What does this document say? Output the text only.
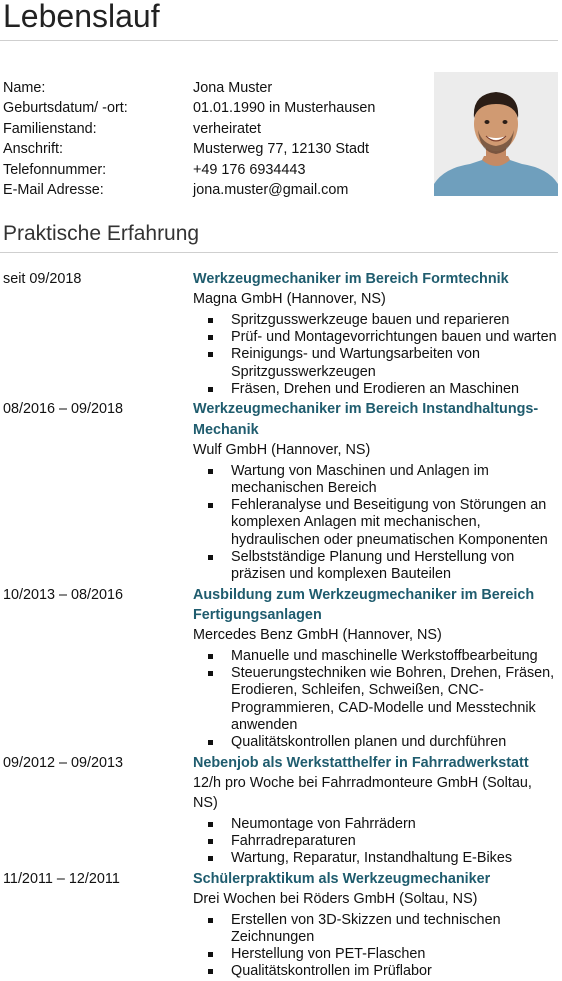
Lebenslauf
Name:	Jona Muster
Geburtsdatum/ -ort:	01.01.1990 in Musterhausen
Familienstand:	verheiratet
Anschrift:	Musterweg 77, 12130 Stadt
Telefonnummer:	+49 176 6934443
E-Mail Adresse:	jona.muster@gmail.com
Praktische Erfahrung
seit 09/2018	Werkzeugmechaniker im Bereich Formtechnik
Magna GmbH (Hannover, NS)
Spritzgusswerkzeuge bauen und reparieren
Prüf- und Montagevorrichtungen bauen und warten
Reinigungs- und Wartungsarbeiten von Spritzgusswerkzeugen
Fräsen, Drehen und Erodieren an Maschinen
08/2016 – 09/2018	Werkzeugmechaniker im Bereich Instandhaltungs-Mechanik
Wulf GmbH (Hannover, NS)
Wartung von Maschinen und Anlagen im mechanischen Bereich
Fehleranalyse und Beseitigung von Störungen an komplexen Anlagen mit mechanischen, hydraulischen oder pneumatischen Komponenten
Selbstständige Planung und Herstellung von präzisen und komplexen Bauteilen
10/2013 – 08/2016	Ausbildung zum Werkzeugmechaniker im Bereich Fertigungsanlagen
Mercedes Benz GmbH (Hannover, NS)
Manuelle und maschinelle Werkstoffbearbeitung
Steuerungstechniken wie Bohren, Drehen, Fräsen, Erodieren, Schleifen, Schweißen, CNC-Programmieren, CAD-Modelle und Messtechnik anwenden
Qualitätskontrollen planen und durchführen
09/2012 – 09/2013	Nebenjob als Werkstatthelfer in Fahrradwerkstatt
12/h pro Woche bei Fahrradmonteure GmbH (Soltau, NS)
Neumontage von Fahrrädern
Fahrradreparaturen
Wartung, Reparatur, Instandhaltung E-Bikes
11/2011 – 12/2011	Schülerpraktikum als Werkzeugmechaniker
Drei Wochen bei Röders GmbH (Soltau, NS)
Erstellen von 3D-Skizzen und technischen Zeichnungen
Herstellung von PET-Flaschen
Qualitätskontrollen im Prüflabor
